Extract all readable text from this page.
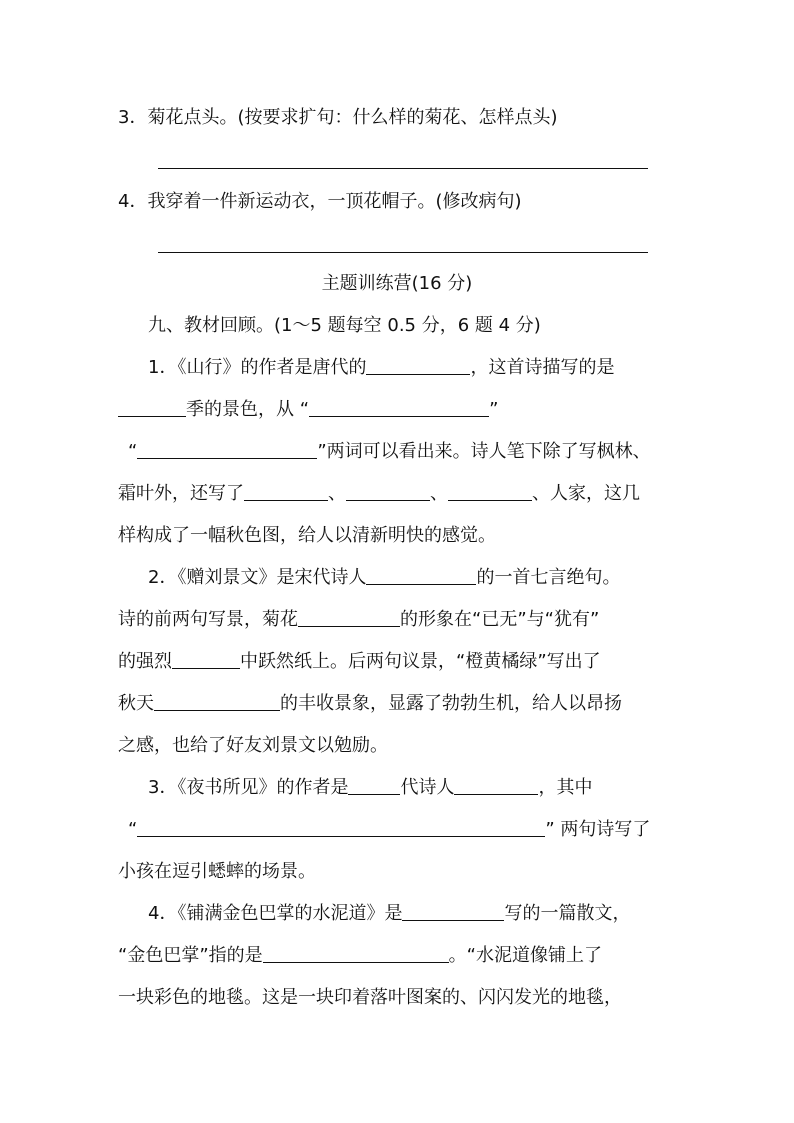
3．菊花点头。(按要求扩句：什么样的菊花、怎样点头)
4．我穿着一件新运动衣，一顶花帽子。(修改病句)
主题训练营(16 分)
九、教材回顾。(1～5 题每空 0.5 分，6 题 4 分)
1．《山行》的作者是唐代的	，这首诗描写的是
季的景色，从 “	”
“	”两词可以看出来。诗人笔下除了写枫林、
霜叶外，还写了	、	、	、人家，这几
样构成了一幅秋色图，给人以清新明快的感觉。
2．《赠刘景文》是宋代诗人	的一首七言绝句。
诗的前两句写景，菊花	的形象在“已无”与“犹有”
的强烈	中跃然纸上。后两句议景，“橙黄橘绿”写出了
秋天	的丰收景象，显露了勃勃生机，给人以昂扬
之感，也给了好友刘景文以勉励。
3．《夜书所见》的作者是	代诗人	，其中
“	” 两句诗写了
小孩在逗引蟋蟀的场景。
4．《铺满金色巴掌的水泥道》是	写的一篇散文，
“金色巴掌”指的是	。“水泥道像铺上了
一块彩色的地毯。这是一块印着落叶图案的、闪闪发光的地毯，
